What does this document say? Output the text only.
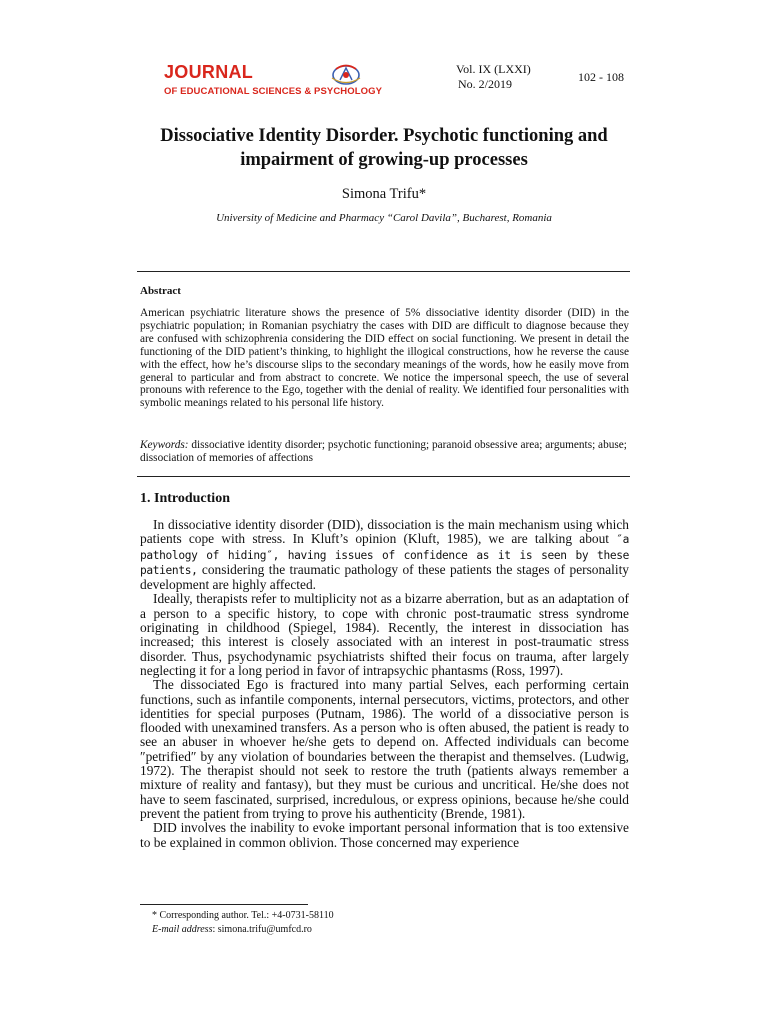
JOURNAL
OF EDUCATIONAL SCIENCES & PSYCHOLOGY
Vol. IX (LXXI)
No. 2/2019	102 - 108
Dissociative Identity Disorder. Psychotic functioning and impairment of growing-up processes
Simona Trifu*
University of Medicine and Pharmacy “Carol Davila”, Bucharest, Romania
Abstract
American psychiatric literature shows the presence of 5% dissociative identity disorder (DID) in the psychiatric population; in Romanian psychiatry the cases with DID are difficult to diagnose because they are confused with schizophrenia considering the DID effect on social functioning. We present in detail the functioning of the DID patient’s thinking, to highlight the illogical constructions, how he reverse the cause with the effect, how he’s discourse slips to the secondary meanings of the words, how he easily move from general to particular and from abstract to concrete. We notice the impersonal speech, the use of several pronouns with reference to the Ego, together with the denial of reality. We identified four personalities with symbolic meanings related to his personal life history.
Keywords: dissociative identity disorder; psychotic functioning; paranoid obsessive area; arguments; abuse; dissociation of memories of affections
1. Introduction

In dissociative identity disorder (DID), dissociation is the main mechanism using which patients cope with stress. In Kluft’s opinion (Kluft, 1985), we are talking about ″a pathology of hiding″, having issues of confidence as it is seen by these patients, considering the traumatic pathology of these patients the stages of personality development are highly affected.

Ideally, therapists refer to multiplicity not as a bizarre aberration, but as an adaptation of a person to a specific history, to cope with chronic post-traumatic stress syndrome originating in childhood (Spiegel, 1984). Recently, the interest in dissociation has increased; this interest is closely associated with an interest in post-traumatic stress disorder. Thus, psychodynamic psychiatrists shifted their focus on trauma, after largely neglecting it for a long period in favor of intrapsychic phantasms (Ross, 1997).

The dissociated Ego is fractured into many partial Selves, each performing certain functions, such as infantile components, internal persecutors, victims, protectors, and other identities for special purposes (Putnam, 1986). The world of a dissociative person is flooded with unexamined transfers. As a person who is often abused, the patient is ready to see an abuser in whoever he/she gets to depend on. Affected individuals can become ″petrified″ by any violation of boundaries between the therapist and themselves. (Ludwig, 1972). The therapist should not seek to restore the truth (patients always remember a mixture of reality and fantasy), but they must be curious and uncritical. He/she does not have to seem fascinated, surprised, incredulous, or express opinions, because he/she could prevent the patient from trying to prove his authenticity (Brende, 1981).

DID involves the inability to evoke important personal information that is too extensive to be explained in common oblivion. Those concerned may experience

* Corresponding author. Tel.: +4-0731-58110
E-mail address: simona.trifu@umfcd.ro
